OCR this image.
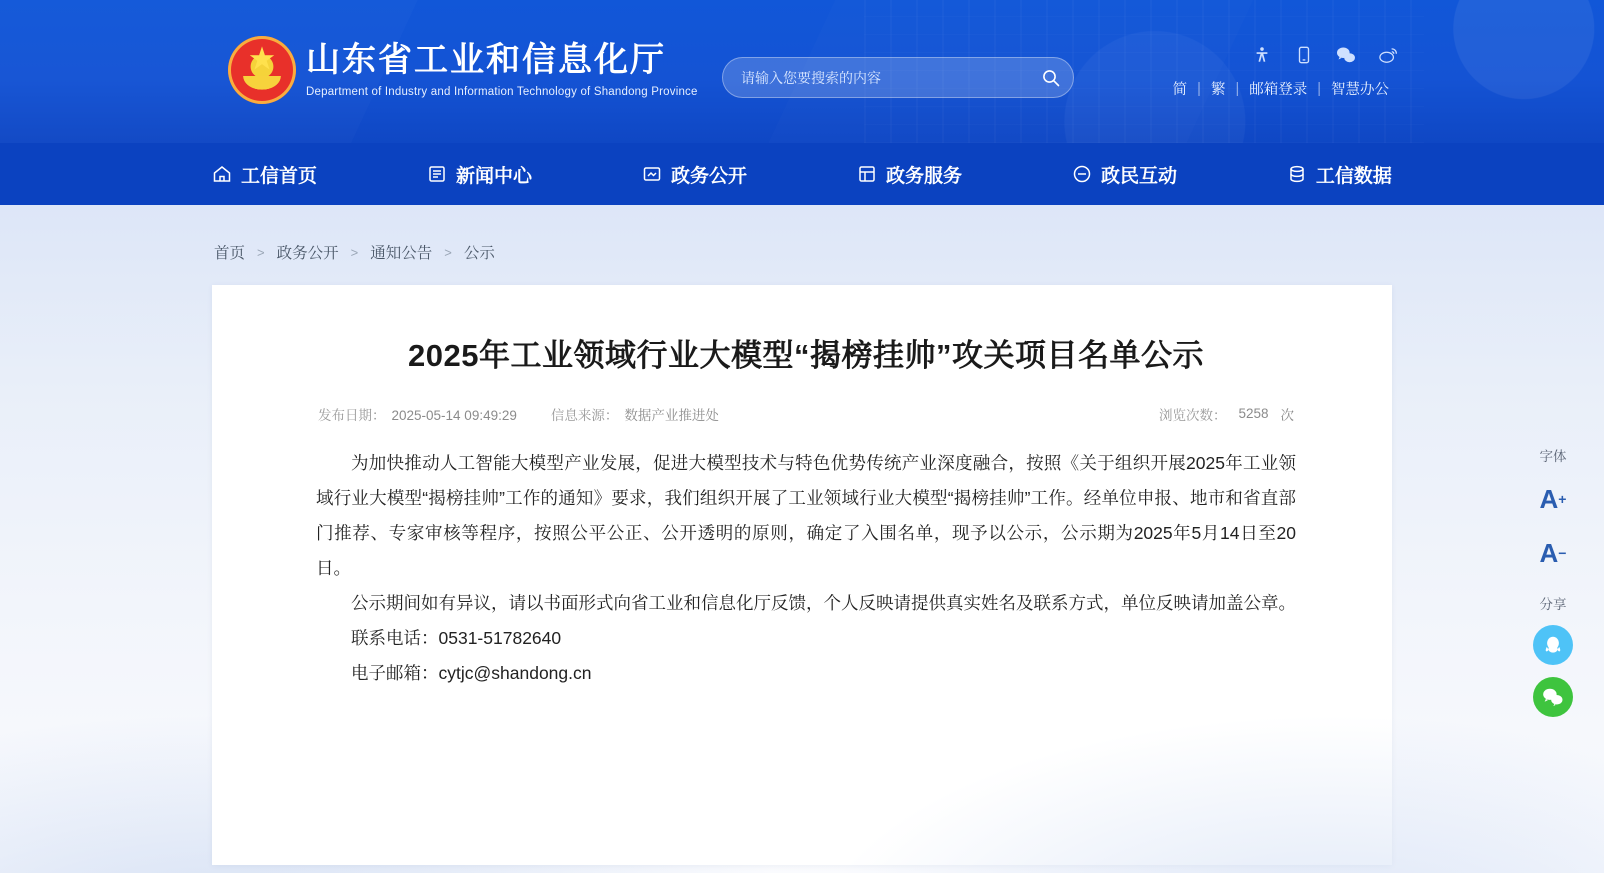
★
山东省工业和信息化厅
Department of Industry and Information Technology of Shandong Province
请输入您要搜索的内容	简 | 繁 | 邮箱登录 | 智慧办公
工信首页	新闻中心	政务公开	政务服务	政民互动	工信数据
首页 > 政务公开 > 通知公告 > 公示
2025年工业领域行业大模型“揭榜挂帅”攻关项目名单公示
发布日期： 2025-05-14 09:49:29	信息来源： 数据产业推进处	浏览次数： 5258 次

为加快推动人工智能大模型产业发展，促进大模型技术与特色优势传统产业深度融合，按照《关于组织开展2025年工业领域行业大模型“揭榜挂帅”工作的通知》要求，我们组织开展了工业领域行业大模型“揭榜挂帅”工作。经单位申报、地市和省直部门推荐、专家审核等程序，按照公平公正、公开透明的原则，确定了入围名单，现予以公示，公示期为2025年5月14日至20日。

公示期间如有异议，请以书面形式向省工业和信息化厅反馈，个人反映请提供真实姓名及联系方式，单位反映请加盖公章。

联系电话：0531-51782640

电子邮箱：cytjc@shandong.cn

字体
A +
A −
分享
